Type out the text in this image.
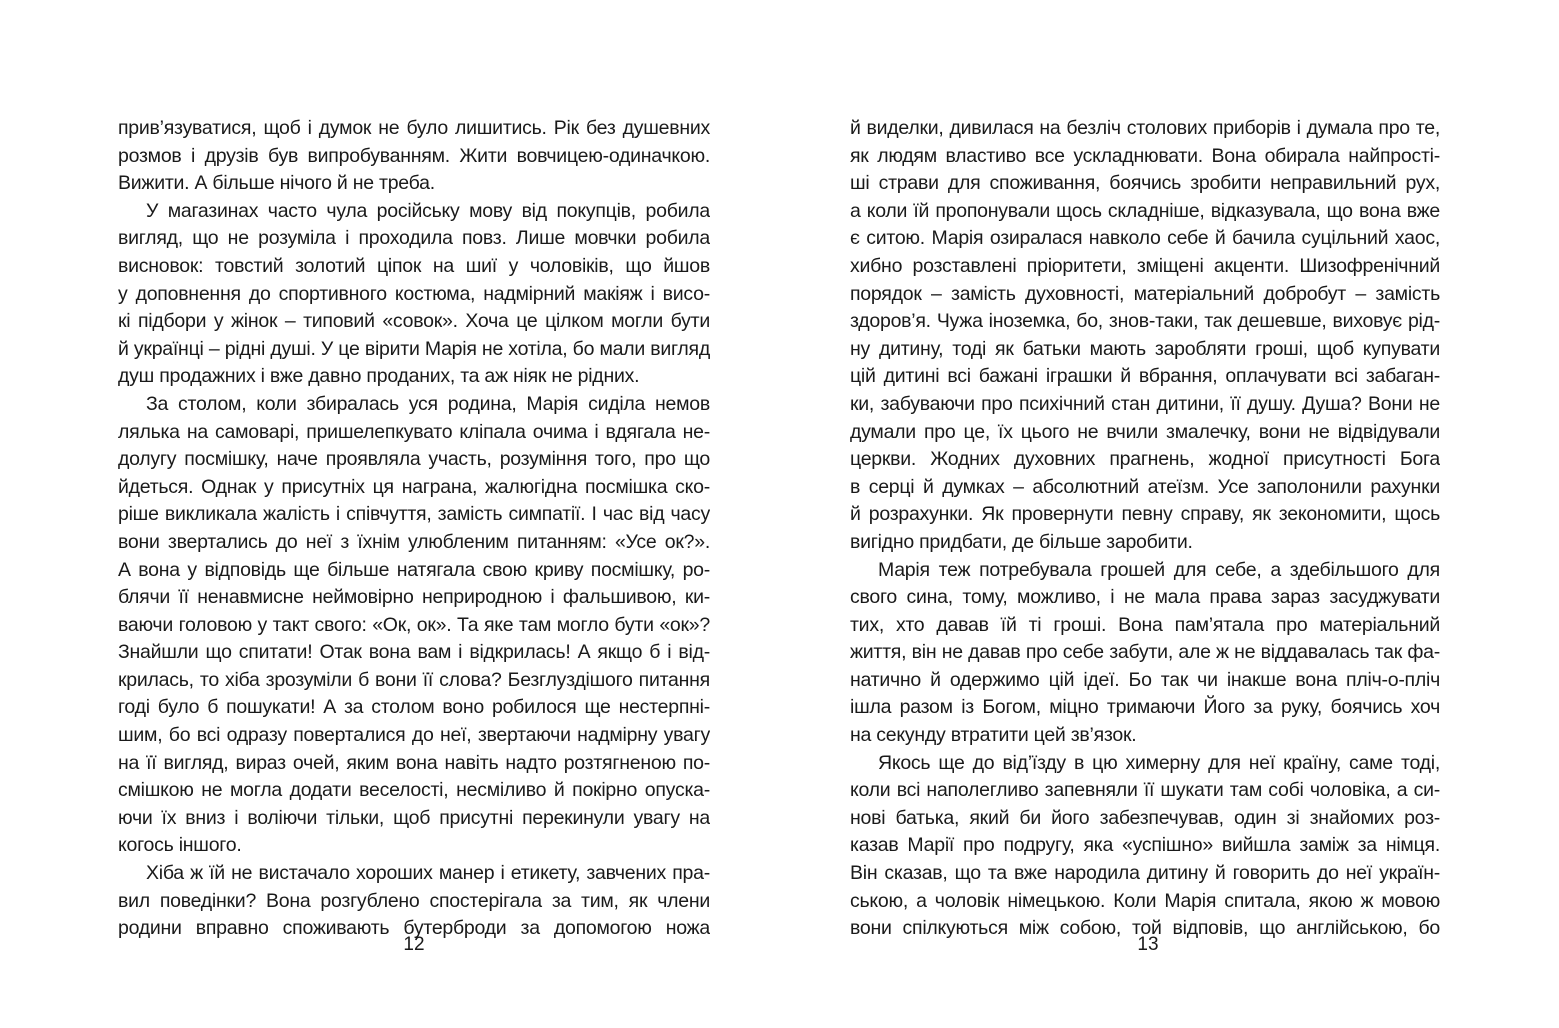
прив’язуватися, щоб і думок не було лишитись. Рік без душевних
розмов і друзів був випробуванням. Жити вовчицею-одиначкою.
Вижити. А більше нічого й не треба.
У магазинах часто чула російську мову від покупців, робила
вигляд, що не розуміла і проходила повз. Лише мовчки робила
висновок: товстий золотий ціпок на шиї у чоловіків, що йшов
у доповнення до спортивного костюма, надмірний макіяж і висо-
кі підбори у жінок – типовий «совок». Хоча це цілком могли бути
й українці – рідні душі. У це вірити Марія не хотіла, бо мали вигляд
душ продажних і вже давно проданих, та аж ніяк не рідних.
За столом, коли збиралась уся родина, Марія сиділа немов
лялька на самоварі, пришелепкувато кліпала очима і вдягала не-
долугу посмішку, наче проявляла участь, розуміння того, про що
йдеться. Однак у присутніх ця награна, жалюгідна посмішка ско-
ріше викликала жалість і співчуття, замість симпатії. І час від часу
вони звертались до неї з їхнім улюбленим питанням: «Усе ок?».
А вона у відповідь ще більше натягала свою криву посмішку, ро-
блячи її ненавмисне неймовірно неприродною і фальшивою, ки-
ваючи головою у такт свого: «Ок, ок». Та яке там могло бути «ок»?
Знайшли що спитати! Отак вона вам і відкрилась! А якщо б і від-
крилась, то хіба зрозуміли б вони її слова? Безглуздішого питання
годі було б пошукати! А за столом воно робилося ще нестерпні-
шим, бо всі одразу поверталися до неї, звертаючи надмірну увагу
на її вигляд, вираз очей, яким вона навіть надто розтягненою по-
смішкою не могла додати веселості, несміливо й покірно опуска-
ючи їх вниз і воліючи тільки, щоб присутні перекинули увагу на
когось іншого.
Хіба ж їй не вистачало хороших манер і етикету, завчених пра-
вил поведінки? Вона розгублено спостерігала за тим, як члени
родини вправно споживають бутерброди за допомогою ножа
12
й виделки, дивилася на безліч столових приборів і думала про те,
як людям властиво все ускладнювати. Вона обирала найпрості-
ші страви для споживання, боячись зробити неправильний рух,
а коли їй пропонували щось складніше, відказувала, що вона вже
є ситою. Марія озиралася навколо себе й бачила суцільний хаос,
хибно розставлені пріоритети, зміщені акценти. Шизофренічний
порядок – замість духовності, матеріальний добробут – замість
здоров’я. Чужа іноземка, бо, знов-таки, так дешевше, виховує рід-
ну дитину, тоді як батьки мають заробляти гроші, щоб купувати
цій дитині всі бажані іграшки й вбрання, оплачувати всі забаган-
ки, забуваючи про психічний стан дитини, її душу. Душа? Вони не
думали про це, їх цього не вчили змалечку, вони не відвідували
церкви. Жодних духовних прагнень, жодної присутності Бога
в серці й думках – абсолютний атеїзм. Усе заполонили рахунки
й розрахунки. Як провернути певну справу, як зекономити, щось
вигідно придбати, де більше заробити.
Марія теж потребувала грошей для себе, а здебільшого для
свого сина, тому, можливо, і не мала права зараз засуджувати
тих, хто давав їй ті гроші. Вона пам’ятала про матеріальний
життя, він не давав про себе забути, але ж не віддавалась так фа-
натично й одержимо цій ідеї. Бо так чи інакше вона пліч-о-пліч
ішла разом із Богом, міцно тримаючи Його за руку, боячись хоч
на секунду втратити цей зв’язок.
Якось ще до від’їзду в цю химерну для неї країну, саме тоді,
коли всі наполегливо запевняли її шукати там собі чоловіка, а си-
нові батька, який би його забезпечував, один зі знайомих роз-
казав Марії про подругу, яка «успішно» вийшла заміж за німця.
Він сказав, що та вже народила дитину й говорить до неї україн-
ською, а чоловік німецькою. Коли Марія спитала, якою ж мовою
вони спілкуються між собою, той відповів, що англійською, бо
13
